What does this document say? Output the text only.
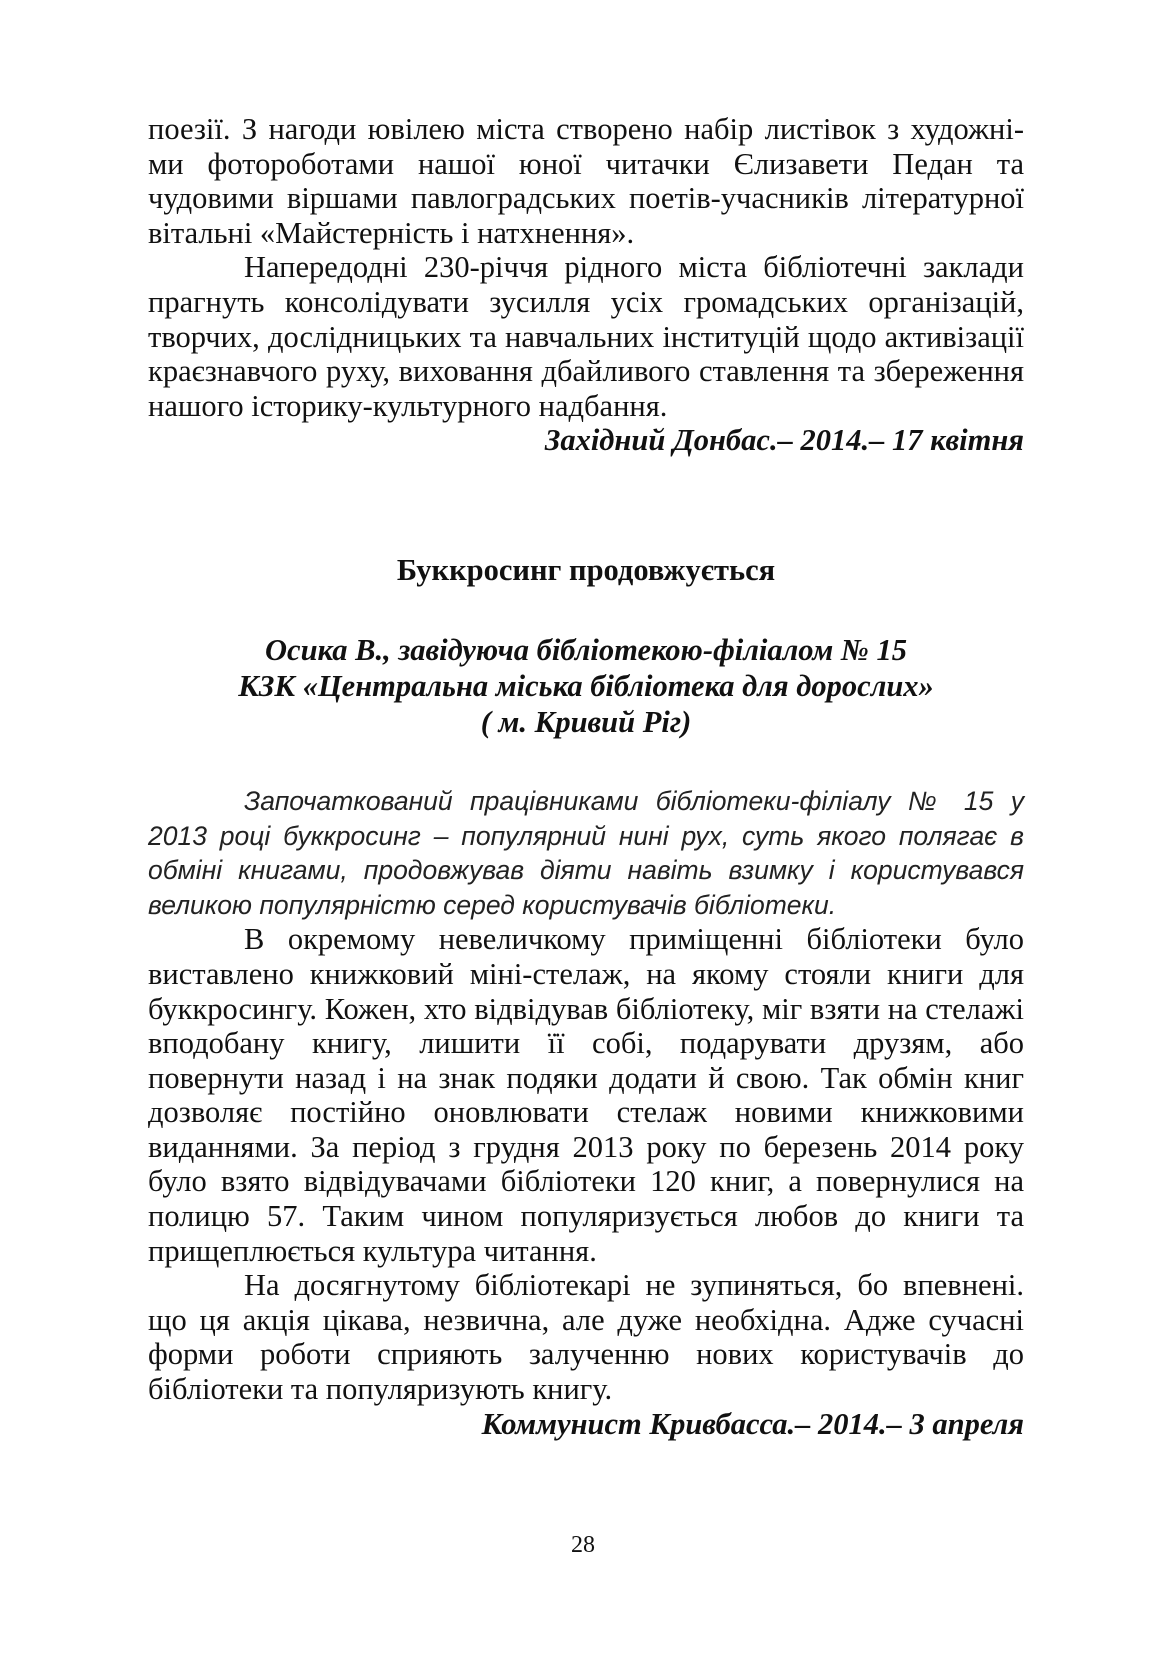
поезії. З нагоди ювілею міста створено набір листівок з художні-ми фотороботами нашої юної читачки Єлизавети Педан та чудовими віршами павлоградських поетів-учасників літературної вітальні «Майстерність і натхнення».

Напередодні 230-річчя рідного міста бібліотечні заклади прагнуть консолідувати зусилля усіх громадських організацій, творчих, дослідницьких та навчальних інституцій щодо активізації краєзнавчого руху, виховання дбайливого ставлення та збереження нашого історику-культурного надбання.

Західний Донбас.– 2014.– 17 квітня

Буккросинг продовжується
Осика В., завідуюча бібліотекою-філіалом № 15
КЗК «Центральна міська бібліотека для дорослих»
( м. Кривий Ріг)

Започаткований працівниками бібліотеки-філіалу № 15 у 2013 році буккросинг – популярний нині рух, суть якого полягає в обміні книгами, продовжував діяти навіть взимку і користувався великою популярністю серед користувачів бібліотеки.

В окремому невеличкому приміщенні бібліотеки було виставлено книжковий міні-стелаж, на якому стояли книги для буккросингу. Кожен, хто відвідував бібліотеку, міг взяти на стелажі вподобану книгу, лишити її собі, подарувати друзям, або повернути назад і на знак подяки додати й свою. Так обмін книг дозволяє постійно оновлювати стелаж новими книжковими виданнями. За період з грудня 2013 року по березень 2014 року було взято відвідувачами бібліотеки 120 книг, а повернулися на полицю 57. Таким чином популяризується любов до книги та прищеплюється культура читання.

На досягнутому бібліотекарі не зупиняться, бо впевнені. що ця акція цікава, незвична, але дуже необхідна. Адже сучасні форми роботи сприяють залученню нових користувачів до бібліотеки та популяризують книгу.

Коммунист Кривбасса.– 2014.– 3 апреля

28
